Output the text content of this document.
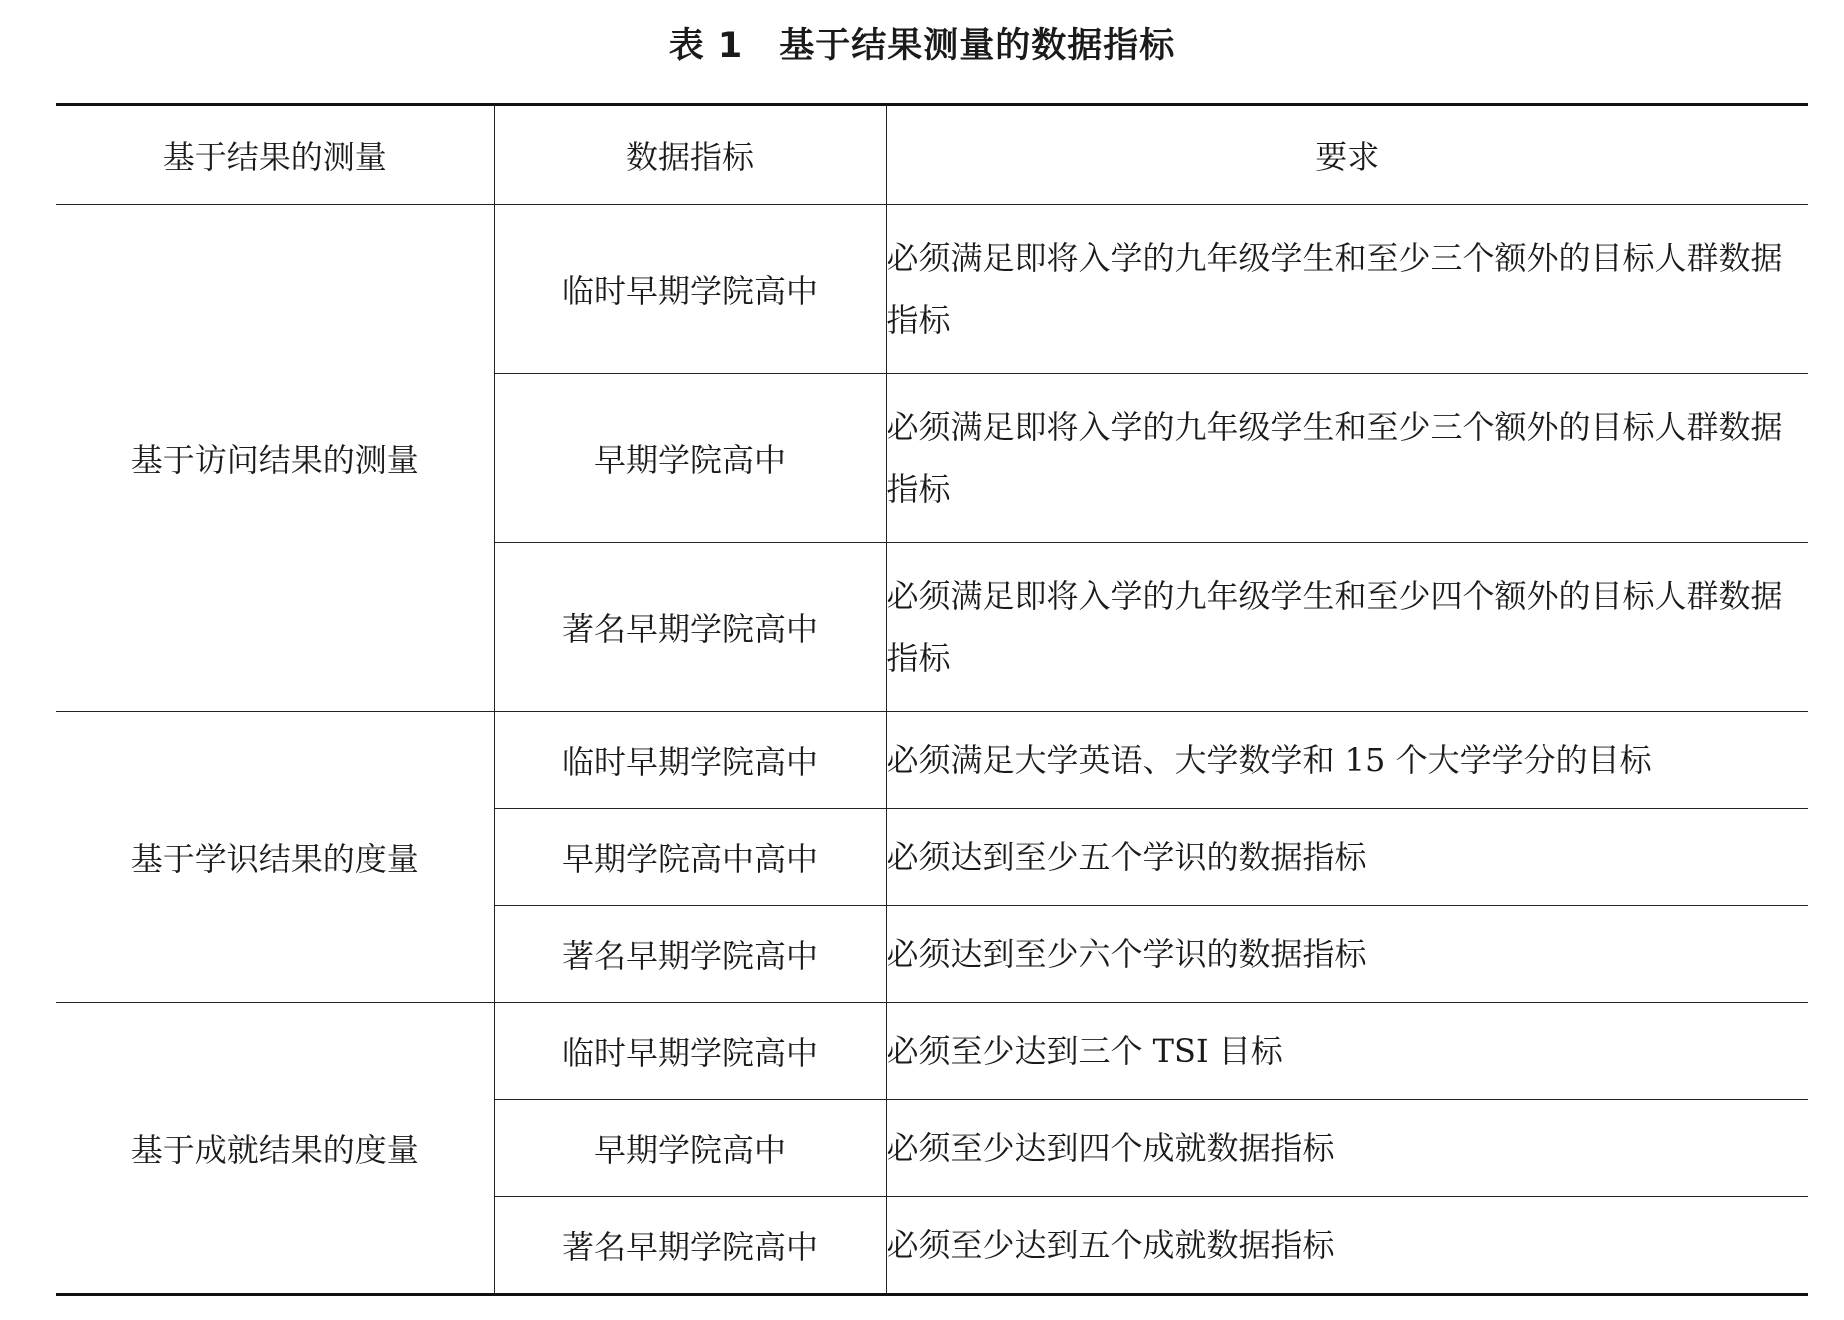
表 1 基于结果测量的数据指标
基于结果的测量	数据指标	要求
基于访问结果的测量	临时早期学院高中	必须满足即将入学的九年级学生和至少三个额外的目标人群数据指标
	早期学院高中	必须满足即将入学的九年级学生和至少三个额外的目标人群数据指标
	著名早期学院高中	必须满足即将入学的九年级学生和至少四个额外的目标人群数据指标
基于学识结果的度量	临时早期学院高中	必须满足大学英语、大学数学和 15 个大学学分的目标
	早期学院高中高中	必须达到至少五个学识的数据指标
	著名早期学院高中	必须达到至少六个学识的数据指标
基于成就结果的度量	临时早期学院高中	必须至少达到三个 TSI 目标
	早期学院高中	必须至少达到四个成就数据指标
	著名早期学院高中	必须至少达到五个成就数据指标
